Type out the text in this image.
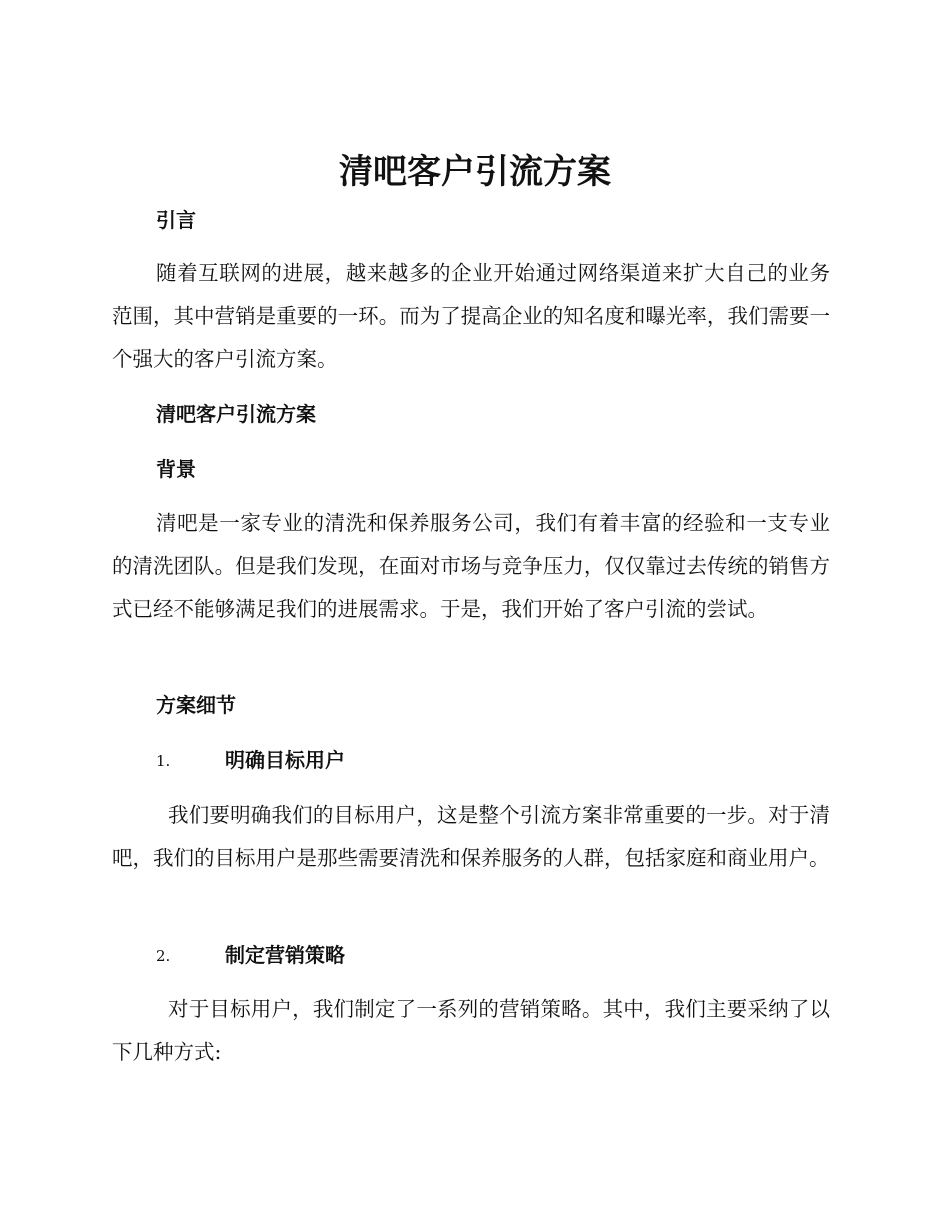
清吧客户引流方案
引言

随着互联网的进展，越来越多的企业开始通过网络渠道来扩大自己的业务范围，其中营销是重要的一环。而为了提高企业的知名度和曝光率，我们需要一个强大的客户引流方案。

清吧客户引流方案
背景

清吧是一家专业的清洗和保养服务公司，我们有着丰富的经验和一支专业的清洗团队。但是我们发现，在面对市场与竞争压力，仅仅靠过去传统的销售方式已经不能够满足我们的进展需求。于是，我们开始了客户引流的尝试。

方案细节
1.	明确目标用户

我们要明确我们的目标用户，这是整个引流方案非常重要的一步。对于清吧，我们的目标用户是那些需要清洗和保养服务的人群，包括家庭和商业用户。

2.	制定营销策略

对于目标用户，我们制定了一系列的营销策略。其中，我们主要采纳了以下几种方式:
